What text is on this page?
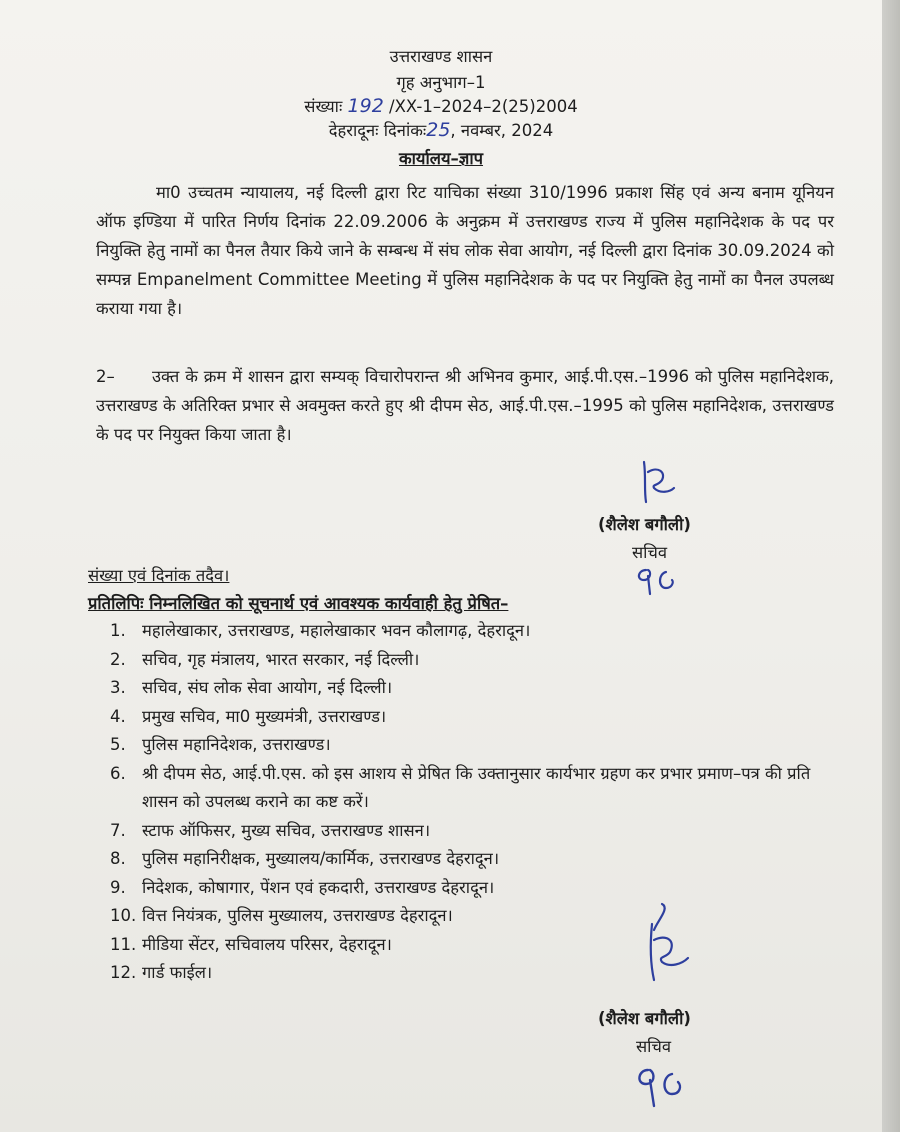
उत्तराखण्ड शासन
गृह अनुभाग–1
संख्याः 192 /XX-1–2024–2(25)2004
देहरादूनः दिनांकः25, नवम्बर, 2024
कार्यालय–ज्ञाप
मा0 उच्चतम न्यायालय, नई दिल्ली द्वारा रिट याचिका संख्या 310/1996 प्रकाश सिंह एवं अन्य बनाम यूनियन ऑफ इण्डिया में पारित निर्णय दिनांक 22.09.2006 के अनुक्रम में उत्तराखण्ड राज्य में पुलिस महानिदेशक के पद पर नियुक्ति हेतु नामों का पैनल तैयार किये जाने के सम्बन्ध में संघ लोक सेवा आयोग, नई दिल्ली द्वारा दिनांक 30.09.2024 को सम्पन्न Empanelment Committee Meeting में पुलिस महानिदेशक के पद पर नियुक्ति हेतु नामों का पैनल उपलब्ध कराया गया है।
2– उक्त के क्रम में शासन द्वारा सम्यक् विचारोपरान्त श्री अभिनव कुमार, आई.पी.एस.–1996 को पुलिस महानिदेशक, उत्तराखण्ड के अतिरिक्त प्रभार से अवमुक्त करते हुए श्री दीपम सेठ, आई.पी.एस.–1995 को पुलिस महानिदेशक, उत्तराखण्ड के पद पर नियुक्त किया जाता है।
(शैलेश बगौली)
सचिव
संख्या एवं दिनांक तदैव।
प्रतिलिपिः निम्नलिखित को सूचनार्थ एवं आवश्यक कार्यवाही हेतु प्रेषित–
1. महालेखाकार, उत्तराखण्ड, महालेखाकार भवन कौलागढ़, देहरादून।
2. सचिव, गृह मंत्रालय, भारत सरकार, नई दिल्ली।
3. सचिव, संघ लोक सेवा आयोग, नई दिल्ली।
4. प्रमुख सचिव, मा0 मुख्यमंत्री, उत्तराखण्ड।
5. पुलिस महानिदेशक, उत्तराखण्ड।
6. श्री दीपम सेठ, आई.पी.एस. को इस आशय से प्रेषित कि उक्तानुसार कार्यभार ग्रहण कर प्रभार प्रमाण–पत्र की प्रति शासन को उपलब्ध कराने का कष्ट करें।
7. स्टाफ ऑफिसर, मुख्य सचिव, उत्तराखण्ड शासन।
8. पुलिस महानिरीक्षक, मुख्यालय/कार्मिक, उत्तराखण्ड देहरादून।
9. निदेशक, कोषागार, पेंशन एवं हकदारी, उत्तराखण्ड देहरादून।
10. वित्त नियंत्रक, पुलिस मुख्यालय, उत्तराखण्ड देहरादून।
11. मीडिया सेंटर, सचिवालय परिसर, देहरादून।
12. गार्ड फाईल।
(शैलेश बगौली)
सचिव
